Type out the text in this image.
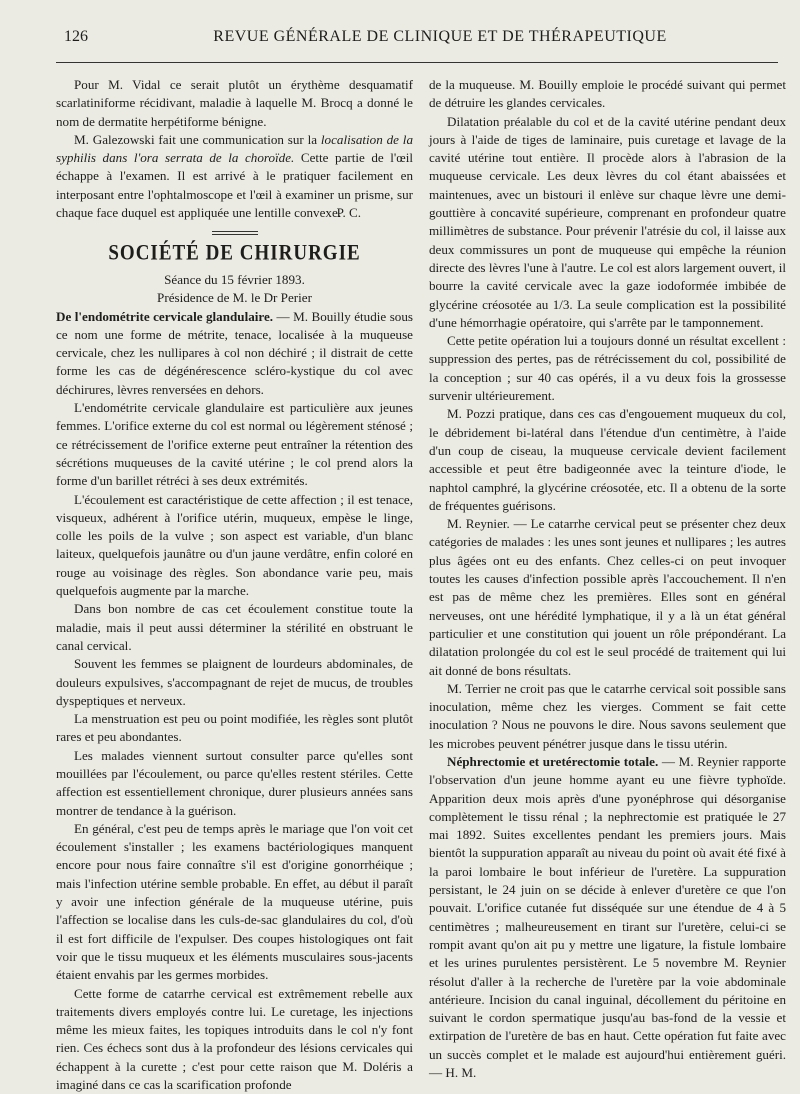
126	REVUE GÉNÉRALE DE CLINIQUE ET DE THÉRAPEUTIQUE

Pour M. Vidal ce serait plutôt un érythème desquamatif scarlatiniforme récidivant, maladie à laquelle M. Brocq a donné le nom de dermatite herpétiforme bénigne.

M. Galezowski fait une communication sur la localisation de la syphilis dans l'ora serrata de la choroïde. Cette partie de l'œil échappe à l'examen. Il est arrivé à le pratiquer facilement en interposant entre l'ophtalmoscope et l'œil à examiner un prisme, sur chaque face duquel est appliquée une lentille convexe.

P. C.
SOCIÉTÉ DE CHIRURGIE

Séance du 15 février 1893.

Présidence de M. le Dr Perier

De l'endométrite cervicale glandulaire. — M. Bouilly étudie sous ce nom une forme de métrite, tenace, localisée à la muqueuse cervicale, chez les nullipares à col non déchiré ; il distrait de cette forme les cas de dégénérescence scléro-kystique du col avec déchirures, lèvres renversées en dehors.

L'endométrite cervicale glandulaire est particulière aux jeunes femmes. L'orifice externe du col est normal ou légèrement sténosé ; ce rétrécissement de l'orifice externe peut entraîner la rétention des sécrétions muqueuses de la cavité utérine ; le col prend alors la forme d'un barillet rétréci à ses deux extrémités.

L'écoulement est caractéristique de cette affection ; il est tenace, visqueux, adhérent à l'orifice utérin, muqueux, empèse le linge, colle les poils de la vulve ; son aspect est variable, d'un blanc laiteux, quelquefois jaunâtre ou d'un jaune verdâtre, enfin coloré en rouge au voisinage des règles. Son abondance varie peu, mais quelquefois augmente par la marche.

Dans bon nombre de cas cet écoulement constitue toute la maladie, mais il peut aussi déterminer la stérilité en obstruant le canal cervical.

Souvent les femmes se plaignent de lourdeurs abdominales, de douleurs expulsives, s'accompagnant de rejet de mucus, de troubles dyspeptiques et nerveux.

La menstruation est peu ou point modifiée, les règles sont plutôt rares et peu abondantes.

Les malades viennent surtout consulter parce qu'elles sont mouillées par l'écoulement, ou parce qu'elles restent stériles. Cette affection est essentiellement chronique, durer plusieurs années sans montrer de tendance à la guérison.

En général, c'est peu de temps après le mariage que l'on voit cet écoulement s'installer ; les examens bactériologiques manquent encore pour nous faire connaître s'il est d'origine gonorrhéique ; mais l'infection utérine semble probable. En effet, au début il paraît y avoir une infection générale de la muqueuse utérine, puis l'affection se localise dans les culs-de-sac glandulaires du col, d'où il est fort difficile de l'expulser. Des coupes histologiques ont fait voir que le tissu muqueux et les éléments musculaires sous-jacents étaient envahis par les germes morbides.

Cette forme de catarrhe cervical est extrêmement rebelle aux traitements divers employés contre lui. Le curetage, les injections même les mieux faites, les topiques introduits dans le col n'y font rien. Ces échecs sont dus à la profondeur des lésions cervicales qui échappent à la curette ; c'est pour cette raison que M. Doléris a imaginé dans ce cas la scarification profonde

de la muqueuse. M. Bouilly emploie le procédé suivant qui permet de détruire les glandes cervicales.

Dilatation préalable du col et de la cavité utérine pendant deux jours à l'aide de tiges de laminaire, puis curetage et lavage de la cavité utérine tout entière. Il procède alors à l'abrasion de la muqueuse cervicale. Les deux lèvres du col étant abaissées et maintenues, avec un bistouri il enlève sur chaque lèvre une demi-gouttière à concavité supérieure, comprenant en profondeur quatre millimètres de substance. Pour prévenir l'atrésie du col, il laisse aux deux commissures un pont de muqueuse qui empêche la réunion directe des lèvres l'une à l'autre. Le col est alors largement ouvert, il bourre la cavité cervicale avec la gaze iodoformée imbibée de glycérine créosotée au 1/3. La seule complication est la possibilité d'une hémorrhagie opératoire, qui s'arrête par le tamponnement.

Cette petite opération lui a toujours donné un résultat excellent : suppression des pertes, pas de rétrécissement du col, possibilité de la conception ; sur 40 cas opérés, il a vu deux fois la grossesse survenir ultérieurement.

M. Pozzi pratique, dans ces cas d'engouement muqueux du col, le débridement bi-latéral dans l'étendue d'un centimètre, à l'aide d'un coup de ciseau, la muqueuse cervicale devient facilement accessible et peut être badigeonnée avec la teinture d'iode, le naphtol camphré, la glycérine créosotée, etc. Il a obtenu de la sorte de fréquentes guérisons.

M. Reynier. — Le catarrhe cervical peut se présenter chez deux catégories de malades : les unes sont jeunes et nullipares ; les autres plus âgées ont eu des enfants. Chez celles-ci on peut invoquer toutes les causes d'infection possible après l'accouchement. Il n'en est pas de même chez les premières. Elles sont en général nerveuses, ont une hérédité lymphatique, il y a là un état général particulier et une constitution qui jouent un rôle prépondérant. La dilatation prolongée du col est le seul procédé de traitement qui lui ait donné de bons résultats.

M. Terrier ne croit pas que le catarrhe cervical soit possible sans inoculation, même chez les vierges. Comment se fait cette inoculation ? Nous ne pouvons le dire. Nous savons seulement que les microbes peuvent pénétrer jusque dans le tissu utérin.

Néphrectomie et uretérectomie totale. — M. Reynier rapporte l'observation d'un jeune homme ayant eu une fièvre typhoïde. Apparition deux mois après d'une pyonéphrose qui désorganise complètement le tissu rénal ; la nephrectomie est pratiquée le 27 mai 1892. Suites excellentes pendant les premiers jours. Mais bientôt la suppuration apparaît au niveau du point où avait été fixé à la paroi lombaire le bout inférieur de l'uretère. La suppuration persistant, le 24 juin on se décide à enlever d'uretère ce que l'on pouvait. L'orifice cutanée fut disséquée sur une étendue de 4 à 5 centimètres ; malheureusement en tirant sur l'uretère, celui-ci se rompit avant qu'on ait pu y mettre une ligature, la fistule lombaire et les urines purulentes persistèrent. Le 5 novembre M. Reynier résolut d'aller à la recherche de l'uretère par la voie abdominale antérieure. Incision du canal inguinal, décollement du péritoine en suivant le cordon spermatique jusqu'au bas-fond de la vessie et extirpation de l'uretère de bas en haut. Cette opération fut faite avec un succès complet et le malade est aujourd'hui entièrement guéri. — H. M.
